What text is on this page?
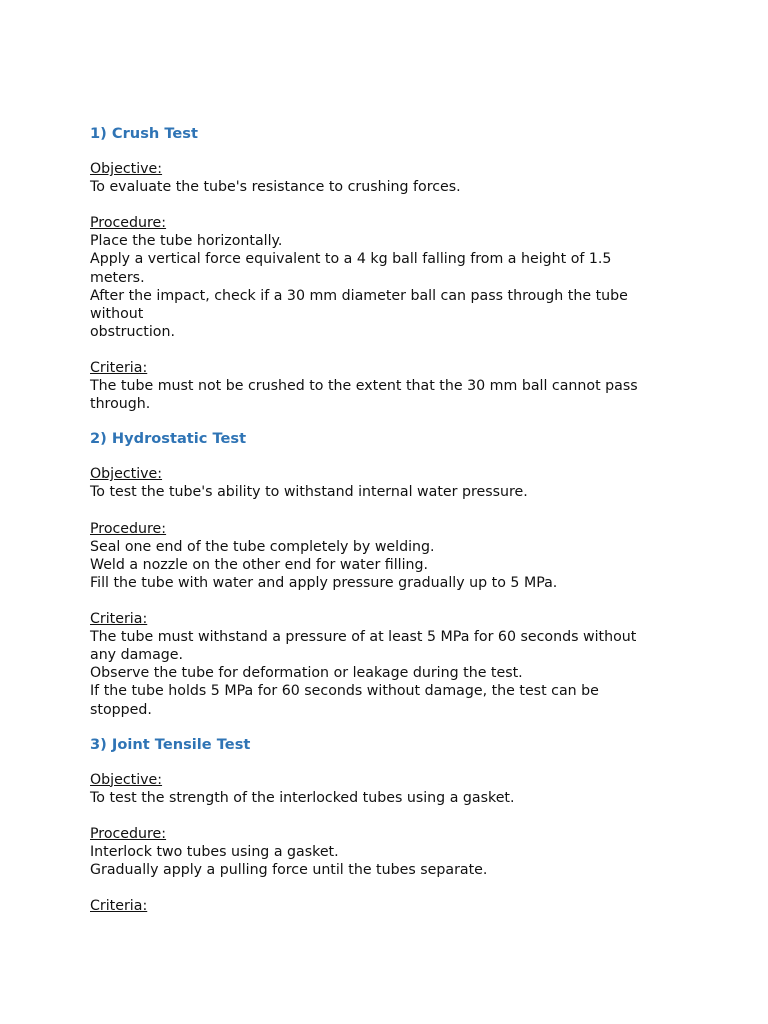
1) Crush Test
Objective:
To evaluate the tube's resistance to crushing forces.
Procedure:
Place the tube horizontally.
Apply a vertical force equivalent to a 4 kg ball falling from a height of 1.5
meters.
After the impact, check if a 30 mm diameter ball can pass through the tube
without
obstruction.
Criteria:
The tube must not be crushed to the extent that the 30 mm ball cannot pass
through.
2) Hydrostatic Test
Objective:
To test the tube's ability to withstand internal water pressure.
Procedure:
Seal one end of the tube completely by welding.
Weld a nozzle on the other end for water filling.
Fill the tube with water and apply pressure gradually up to 5 MPa.
Criteria:
The tube must withstand a pressure of at least 5 MPa for 60 seconds without
any damage.
Observe the tube for deformation or leakage during the test.
If the tube holds 5 MPa for 60 seconds without damage, the test can be
stopped.
3) Joint Tensile Test
Objective:
To test the strength of the interlocked tubes using a gasket.
Procedure:
Interlock two tubes using a gasket.
Gradually apply a pulling force until the tubes separate.
Criteria:
